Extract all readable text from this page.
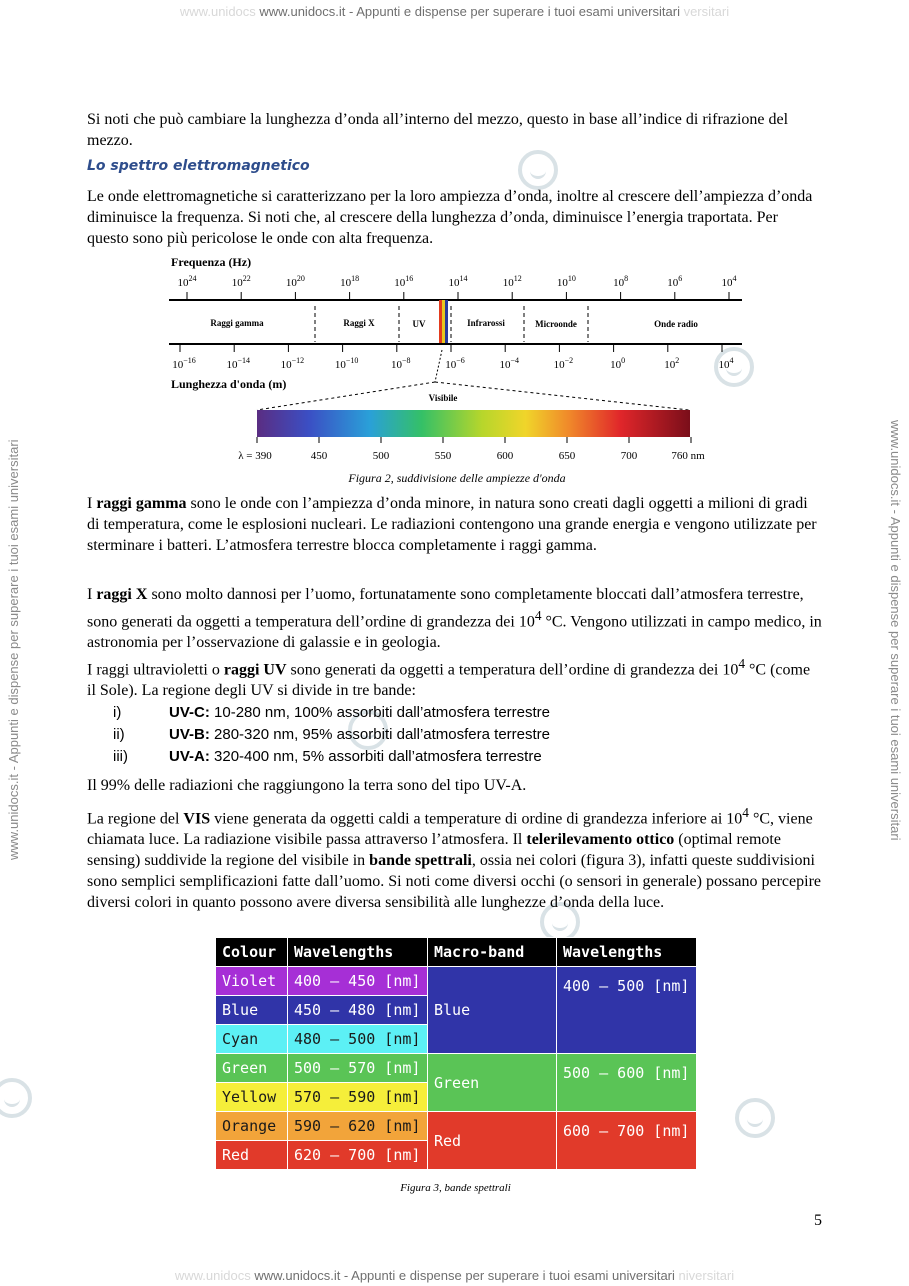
www.unidocs www.unidocs.it - Appunti e dispense per superare i tuoi esami universitari versitari
www.unidocs www.unidocs.it - Appunti e dispense per superare i tuoi esami universitari niversitari
www.unidocs.it - Appunti e dispense per superare i tuoi esami universitari	www.unidocs.it - Appunti e dispense per superare i tuoi esami universitari

Si noti che può cambiare la lunghezza d’onda all’interno del mezzo, questo in base all’indice di rifrazione del mezzo.

Lo spettro elettromagnetico

Le onde elettromagnetiche si caratterizzano per la loro ampiezza d’onda, inoltre al crescere dell’ampiezza d’onda diminuisce la frequenza. Si noti che, al crescere della lunghezza d’onda, diminuisce l’energia traportata. Per questo sono più pericolose le onde con alta frequenza.

Frequenza (Hz)
$10^{24}$	$10^{22}$	$10^{20}$	$10^{18}$	$10^{16}$	$10^{14}$	$10^{12}$	$10^{10}$	$10^8$	$10^6$	$10^4$
Raggi gamma	Raggi X	UV	Infrarossi	Microonde	Onde radio
$10^{-16}$	$10^{-14}$	$10^{-12}$	$10^{-10}$	$10^{-8}$	$10^{-6}$	$10^{-4}$	$10^{-2}$	$10^0$	$10^2$	$10^4$
Lunghezza d'onda (m)
Visibile
λ = 390	450	500	550	600	650	700	760 nm
Figura 2, suddivisione delle ampiezze d'onda

I raggi gamma sono le onde con l’ampiezza d’onda minore, in natura sono creati dagli oggetti a milioni di gradi di temperatura, come le esplosioni nucleari. Le radiazioni contengono una grande energia e vengono utilizzate per sterminare i batteri. L’atmosfera terrestre blocca completamente i raggi gamma.

I raggi X sono molto dannosi per l’uomo, fortunatamente sono completamente bloccati dall’atmosfera terrestre, sono generati da oggetti a temperatura dell’ordine di grandezza dei $10^4$ °C. Vengono utilizzati in campo medico, in astronomia per l’osservazione di galassie e in geologia.

I raggi ultravioletti o raggi UV sono generati da oggetti a temperatura dell’ordine di grandezza dei $10^4$ °C (come il Sole). La regione degli UV si divide in tre bande:

i)	UV-C: 10-280 nm, 100% assorbiti dall’atmosfera terrestre
ii)	UV-B: 280-320 nm, 95% assorbiti dall’atmosfera terrestre
iii)	UV-A: 320-400 nm, 5% assorbiti dall’atmosfera terrestre

Il 99% delle radiazioni che raggiungono la terra sono del tipo UV-A.

La regione del VIS viene generata da oggetti caldi a temperature di ordine di grandezza inferiore ai $10^4$ °C, viene chiamata luce. La radiazione visibile passa attraverso l’atmosfera. Il telerilevamento ottico (optimal remote sensing) suddivide la regione del visibile in bande spettrali, ossia nei colori (figura 3), infatti queste suddivisioni sono semplici semplificazioni fatte dall’uomo. Si noti come diversi occhi (o sensori in generale) possano percepire diversi colori in quanto possono avere diversa sensibilità alle lunghezze d’onda della luce.

Colour	Wavelengths	Macro-band	Wavelengths
Violet	400 – 450 [nm]	Blue	400 – 500 [nm]
Blue	450 – 480 [nm]		
Cyan	480 – 500 [nm]		
Green	500 – 570 [nm]	Green	500 – 600 [nm]
Yellow	570 – 590 [nm]		
Orange	590 – 620 [nm]	Red	600 – 700 [nm]
Red	620 – 700 [nm]		
Figura 3, bande spettrali
5
